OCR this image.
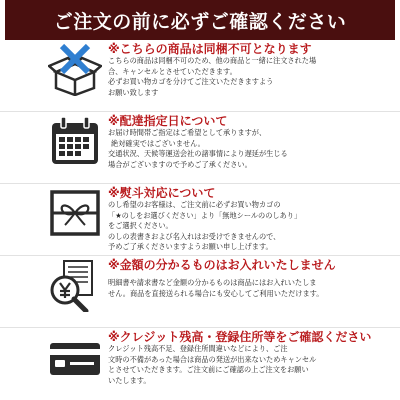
ご注文の前に必ずご確認ください
※こちらの商品は同梱不可となります
こちらの商品は同梱不可のため、他の商品と一緒に注文された場
合、キャンセルとさせていただきます。
必ずお買い物カゴを分けてご注文いただきますよう
お願い致します
※配達指定日について
お届け時間帯ご指定はご希望として承りますが、
絶対確実ではございません。
交通状況、天候等運送会社の諸事情により遅延が生じる
場合がございますので予めご了承ください。
※熨斗対応について
のし希望のお客様は、ご注文前に必ずお買い物カゴの
「★のしをお選びください」より「無地シールののしあり」
をご選択ください。
のしの表書きおよび名入れはお受けできませんので、
予めご了承くださいますようお願い申し上げます。
※金額の分かるものはお入れいたしません
明細書や請求書など金額の分かるものは商品にはお入れいたしま
せん。商品を直接送られる場合にも安心してご利用いただけます。
※クレジット残高・登録住所等をご確認ください
クレジット残高不足、登録住所間違いなどにより、ご注
文時の不備があった場合は商品の発送が出来ないためキャンセル
とさせていただきます。ご注文前にご確認の上ご注文をお願い
いたします。
